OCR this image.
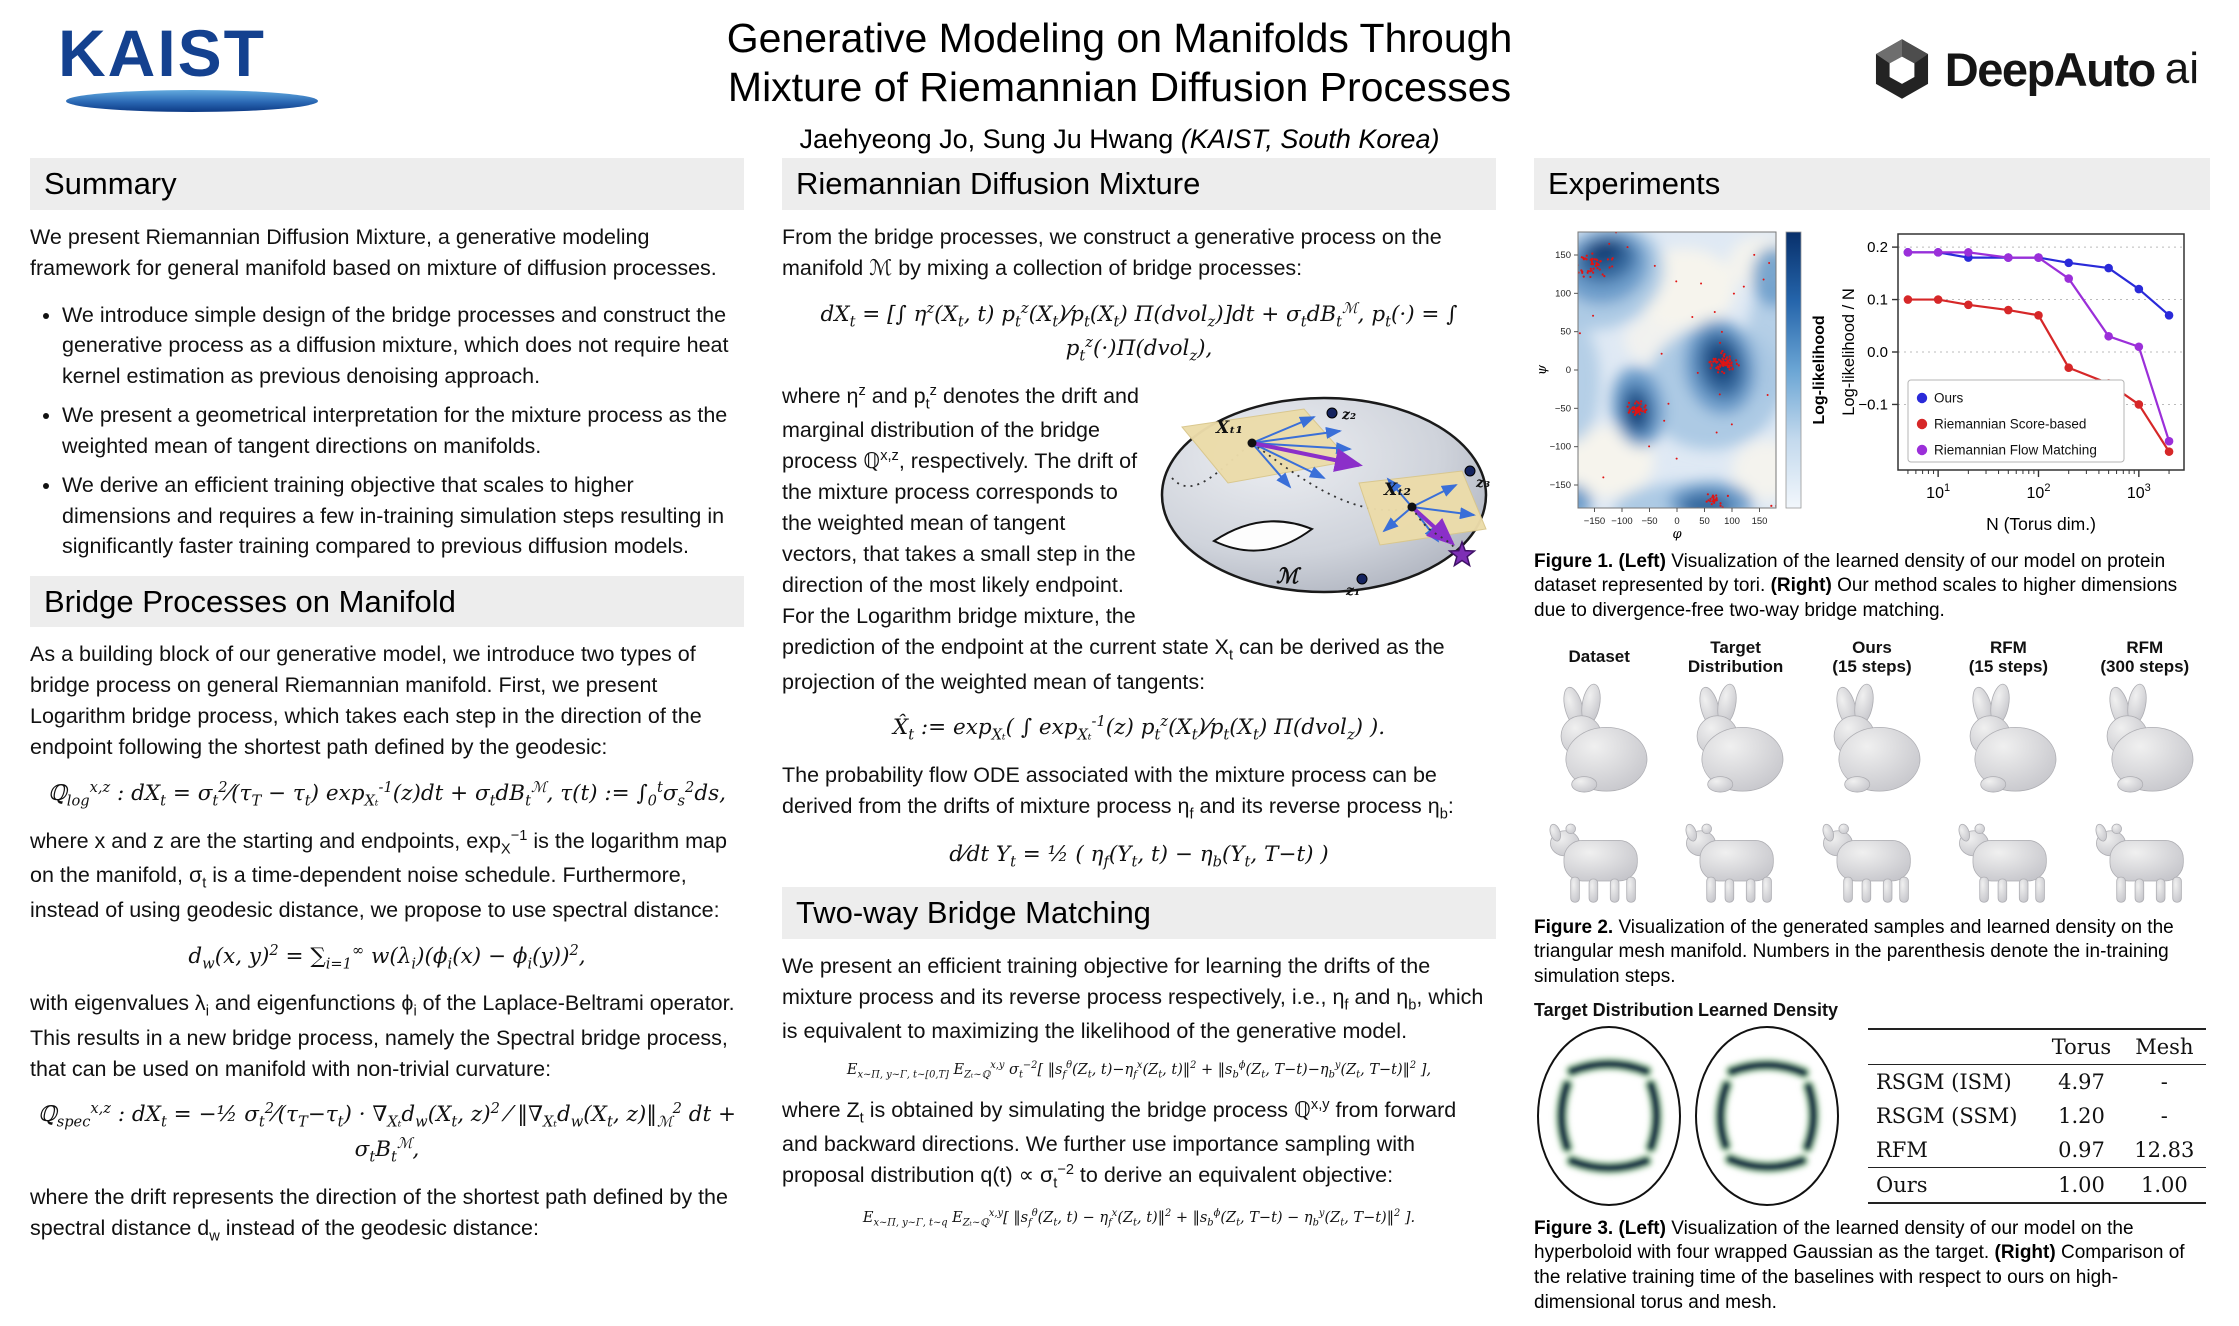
KAIST	Generative Modeling on Manifolds Through
Mixture of Riemannian Diffusion Processes
Jaehyeong Jo, Sung Ju Hwang (KAIST, South Korea)
DeepAuto ai
Summary

We present Riemannian Diffusion Mixture, a generative modeling framework for general manifold based on mixture of diffusion processes.

• We introduce simple design of the bridge processes and construct the generative process as a diffusion mixture, which does not require heat kernel estimation as previous denoising approach.
• We present a geometrical interpretation for the mixture process as the weighted mean of tangent directions on manifolds.
• We derive an efficient training objective that scales to higher dimensions and requires a few in-training simulation steps resulting in significantly faster training compared to previous diffusion models.
Bridge Processes on Manifold

As a building block of our generative model, we introduce two types of bridge process on general Riemannian manifold. First, we present Logarithm bridge process, which takes each step in the direction of the endpoint following the shortest path defined by the geodesic:

ℚ$_{log}^{x,z}$ : $dX_t$ = $\sigma_t^2⁄(\tau_T - \tau_t) \exp_{X_t}^{-1}(z)dt + \sigma_tdB_t^ℳ$, τ(t) := $\int_0^t\sigma_s^2ds$,

where x and z are the starting and endpoints, $\exp_X^{-1}$ is the logarithm map on the manifold, $\sigma_t$ is a time-dependent noise schedule. Furthermore, instead of using geodesic distance, we propose to use spectral distance:

$d_w(x$, $y)^2 = \sum_{i=1}^\infty$ $w(\lambda_i)(\phi_i(x) - \phi_i(y))^2$,

with eigenvalues $\lambda_i$ and eigenfunctions $\phi_i$ of the Laplace-Beltrami operator. This results in a new bridge process, namely the Spectral bridge process, that can be used on manifold with non-trivial curvature:

ℚ$_{spec}^{x,z}$ : $dX_t$ = −½ $\sigma_t^2⁄(\tau_T-\tau_t) \cdot \nabla_{X_t}d_w(X_t$, z)$^2$ ⁄ $‖\nabla_{X_t}d_w(X_t$, $z)‖_ℳ^2$ dt + $\sigma_tB_t^ℳ$,

where the drift represents the direction of the shortest path defined by the spectral distance $d_w$ instead of the geodesic distance:

Riemannian Diffusion Mixture

From the bridge processes, we construct a generative process on the manifold ℳ by mixing a collection of bridge processes:

$dX_t$ = [∫ $\eta^z(X_t$, t) $p_t^z(X_t)⁄p_t(X_t)$ Π(dvol$_z$)]dt + $\sigma_tdB_t^ℳ$, $p_t(\cdot)$ = ∫ $p_t^z(\cdot)\Pi(dvol_z)$,
Xₜ₁
Xₜ₂
z₂
z₃
z₁
ℳ

where $\eta^z$ and $p_t^z$ denotes the drift and marginal distribution of the bridge process ℚ$^{x,z}$, respectively. The drift of the mixture process corresponds to the weighted mean of tangent vectors, that takes a small step in the direction of the most likely endpoint. For the Logarithm bridge mixture, the prediction of the endpoint at the current state $X_t$ can be derived as the projection of the weighted mean of tangents:

$X̂_t$ := $\exp_{X_t}$( ∫ $\exp_{X_t}^{-1}(z)$ $p_t^z(X_t)⁄p_t(X_t)$ Π(dvol$_z$) ).

The probability flow ODE associated with the mixture process can be derived from the drifts of mixture process $\eta_f$ and its reverse process $\eta_b$:

d⁄dt $Y_t$ = ½ ( $\eta_f(Y_t$, $t) - \eta_b(Y_t$, T−t) )
Two-way Bridge Matching

We present an efficient training objective for learning the drifts of the mixture process and its reverse process respectively, i.e., $\eta_f$ and $\eta_b$, which is equivalent to maximizing the likelihood of the generative model.

$E_{x\sim\Pi, y\sim\Gamma, t\sim[0,T]}$ $E_{Z_t\sim ℚ}^{x,y}$ $\sigma_t^{-2}$[ $‖s_f^\theta(Z_t$, $t)-\eta_f^x(Z_t$, t)‖$^2$ + $‖s_b^\phi(Z_t$, $T-t)-\eta_b^y(Z_t$, T−t)‖$^2$ ],

where $Z_t$ is obtained by simulating the bridge process ℚ$^{x,y}$ from forward and backward directions. We further use importance sampling with proposal distribution $q(t) \propto \sigma_t^{-2}$ to derive an equivalent objective:

$E_{x\sim\Pi, y\sim\Gamma, t\sim q}$ $E_{Z_t\sim ℚ}^{x,y}$[ $‖s_f^\theta(Z_t$, $t) - \eta_f^x(Z_t$, t)‖$^2$ + $‖s_b^\phi(Z_t$, $T-t) - \eta_b^y(Z_t$, T−t)‖$^2$ ].
Experiments
−150 −100 −50 0 50 100 150
−150
−100
−50
0
50
100
150
φ
ψ	Log-likelihood
$10^1$	$10^2$	$10^3$
0.2
0.1
0.0
−0.1
N (Torus dim.)
Log-likelihood / N	Ours
Riemannian Score-based
Riemannian Flow Matching

Figure 1. (Left) Visualization of the learned density of our model on protein dataset represented by tori. (Right) Our method scales to higher dimensions due to divergence-free two-way bridge matching.

Dataset
Target
Distribution
Ours
(15 steps)
RFM
(15 steps)
RFM
(300 steps)

Figure 2. Visualization of the generated samples and learned density on the triangular mesh manifold. Numbers in the parenthesis denote the in-training simulation steps.

Target Distribution Learned Density
	Torus	Mesh
RSGM (ISM)	4.97	-
RSGM (SSM)	1.20	-
RFM	0.97	12.83
Ours	1.00	1.00

Figure 3. (Left) Visualization of the learned density of our model on the hyperboloid with four wrapped Gaussian as the target. (Right) Comparison of the relative training time of the baselines with respect to ours on high-dimensional torus and mesh.
